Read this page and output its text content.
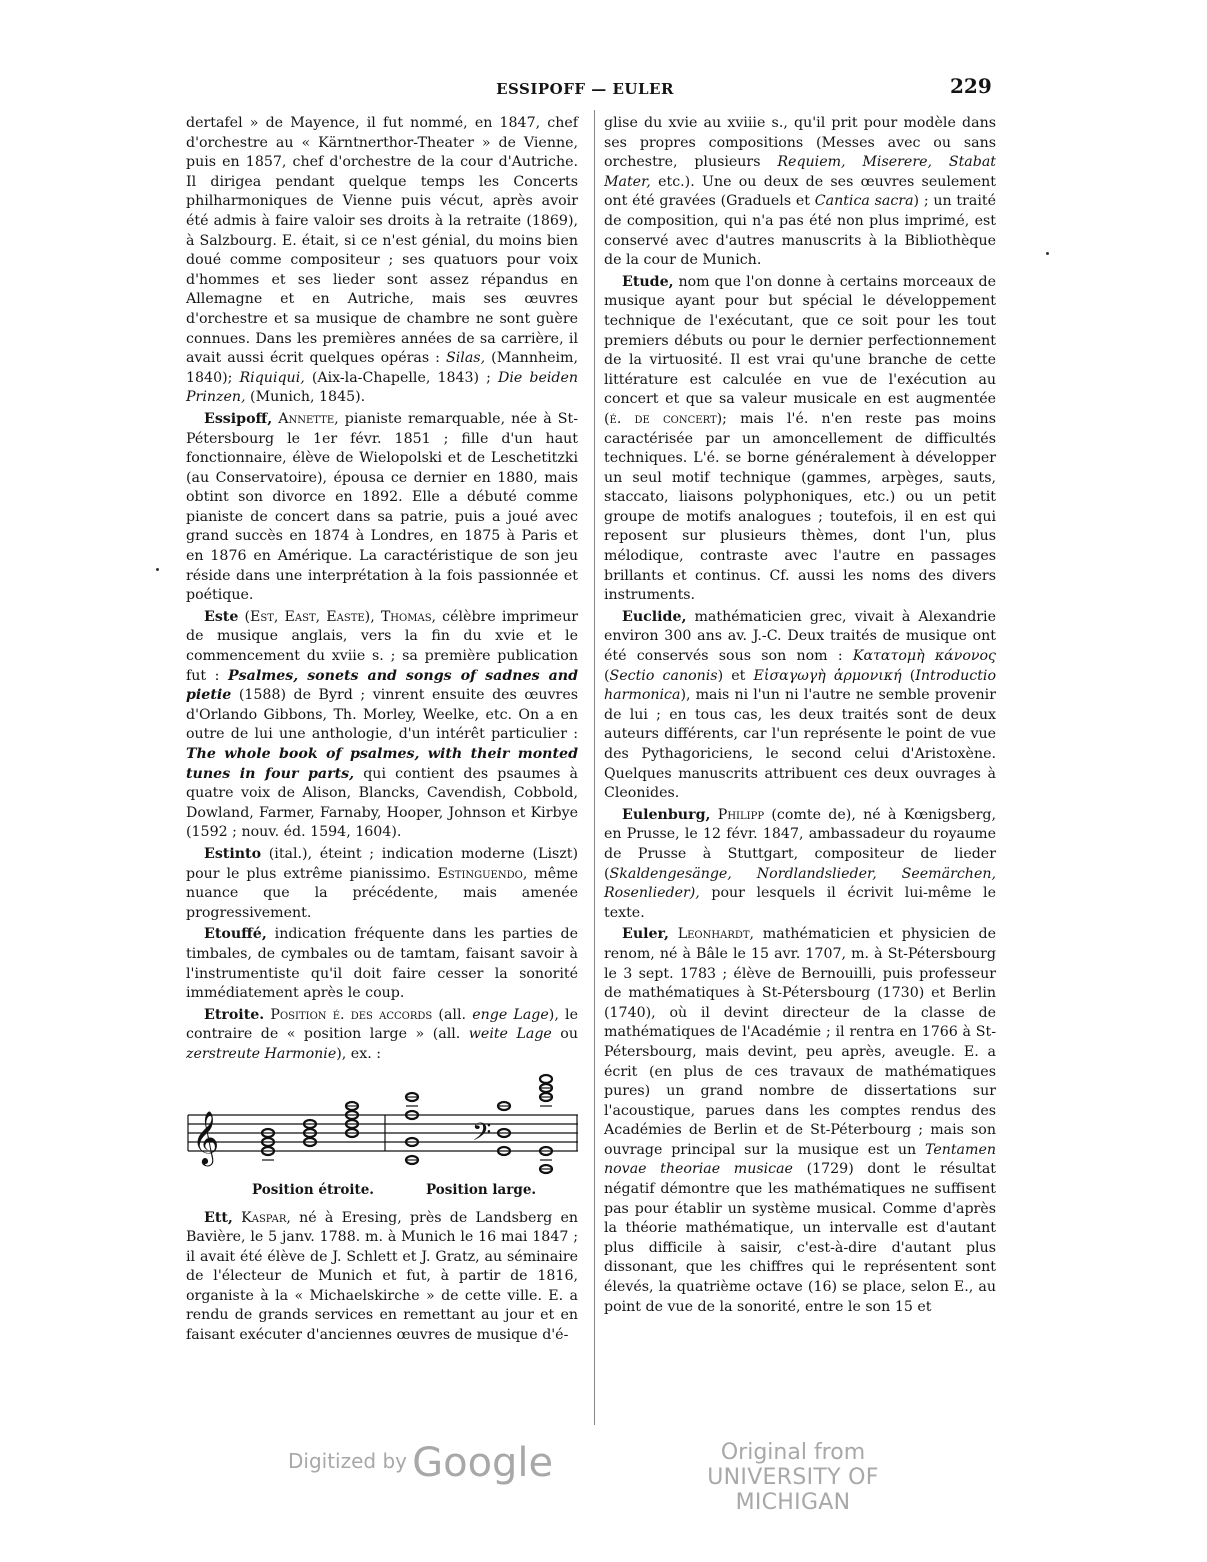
ESSIPOFF — EULER	229

dertafel » de Mayence, il fut nommé, en 1847, chef d'orchestre au « Kärntnerthor-Theater » de Vienne, puis en 1857, chef d'orchestre de la cour d'Autriche. Il dirigea pendant quelque temps les Concerts philharmoniques de Vienne puis vécut, après avoir été admis à faire valoir ses droits à la retraite (1869), à Salzbourg. E. était, si ce n'est génial, du moins bien doué comme compositeur ; ses quatuors pour voix d'hommes et ses lieder sont assez répandus en Allemagne et en Autriche, mais ses œuvres d'orchestre et sa musique de chambre ne sont guère connues. Dans les premières années de sa carrière, il avait aussi écrit quelques opéras : Silas, (Mannheim, 1840); Riquiqui, (Aix-la-Chapelle, 1843) ; Die beiden Prinzen, (Munich, 1845).

Essipoff, Annette, pianiste remarquable, née à St-Pétersbourg le 1er févr. 1851 ; fille d'un haut fonctionnaire, élève de Wielopolski et de Leschetitzki (au Conservatoire), épousa ce dernier en 1880, mais obtint son divorce en 1892. Elle a débuté comme pianiste de concert dans sa patrie, puis a joué avec grand succès en 1874 à Londres, en 1875 à Paris et en 1876 en Amérique. La caractéristique de son jeu réside dans une interprétation à la fois passionnée et poétique.

Este (Est, East, Easte), Thomas, célèbre imprimeur de musique anglais, vers la fin du xvie et le commencement du xviie s. ; sa première publication fut : Psalmes, sonets and songs of sadnes and pietie (1588) de Byrd ; vinrent ensuite des œuvres d'Orlando Gibbons, Th. Morley, Weelke, etc. On a en outre de lui une anthologie, d'un intérêt particulier : The whole book of psalmes, with their monted tunes in four parts, qui contient des psaumes à quatre voix de Alison, Blancks, Cavendish, Cobbold, Dowland, Farmer, Farnaby, Hooper, Johnson et Kirbye (1592 ; nouv. éd. 1594, 1604).

Estinto (ital.), éteint ; indication moderne (Liszt) pour le plus extrême pianissimo. Estinguendo, même nuance que la précédente, mais amenée progressivement.

Etouffé, indication fréquente dans les parties de timbales, de cymbales ou de tamtam, faisant savoir à l'instrumentiste qu'il doit faire cesser la sonorité immédiatement après le coup.

Etroite. Position é. des accords (all. enge Lage), le contraire de « position large » (all. weite Lage ou zerstreute Harmonie), ex. :

𝄞	𝄢
Position étroite.	Position large.

Ett, Kaspar, né à Eresing, près de Landsberg en Bavière, le 5 janv. 1788. m. à Munich le 16 mai 1847 ; il avait été élève de J. Schlett et J. Gratz, au séminaire de l'électeur de Munich et fut, à partir de 1816, organiste à la « Michaelskirche » de cette ville. E. a rendu de grands services en remettant au jour et en faisant exécuter d'anciennes œuvres de musique d'é-

glise du xvie au xviiie s., qu'il prit pour modèle dans ses propres compositions (Messes avec ou sans orchestre, plusieurs Requiem, Miserere, Stabat Mater, etc.). Une ou deux de ses œuvres seulement ont été gravées (Graduels et Cantica sacra) ; un traité de composition, qui n'a pas été non plus imprimé, est conservé avec d'autres manuscrits à la Bibliothèque de la cour de Munich.

Etude, nom que l'on donne à certains morceaux de musique ayant pour but spécial le développement technique de l'exécutant, que ce soit pour les tout premiers débuts ou pour le dernier perfectionnement de la virtuosité. Il est vrai qu'une branche de cette littérature est calculée en vue de l'exécution au concert et que sa valeur musicale en est augmentée (é. de concert); mais l'é. n'en reste pas moins caractérisée par un amoncellement de difficultés techniques. L'é. se borne généralement à développer un seul motif technique (gammes, arpèges, sauts, staccato, liaisons polyphoniques, etc.) ou un petit groupe de motifs analogues ; toutefois, il en est qui reposent sur plusieurs thèmes, dont l'un, plus mélodique, contraste avec l'autre en passages brillants et continus. Cf. aussi les noms des divers instruments.

Euclide, mathématicien grec, vivait à Alexandrie environ 300 ans av. J.-C. Deux traités de musique ont été conservés sous son nom : Κατατομὴ κάνονος (Sectio canonis) et Εἰσαγωγὴ ἁρμονική (Introductio harmonica), mais ni l'un ni l'autre ne semble provenir de lui ; en tous cas, les deux traités sont de deux auteurs différents, car l'un représente le point de vue des Pythagoriciens, le second celui d'Aristoxène. Quelques manuscrits attribuent ces deux ouvrages à Cleonides.

Eulenburg, Philipp (comte de), né à Kœnigsberg, en Prusse, le 12 févr. 1847, ambassadeur du royaume de Prusse à Stuttgart, compositeur de lieder (Skaldengesänge, Nordlandslieder, Seemärchen, Rosenlieder), pour lesquels il écrivit lui-même le texte.

Euler, Leonhardt, mathématicien et physicien de renom, né à Bâle le 15 avr. 1707, m. à St-Pétersbourg le 3 sept. 1783 ; élève de Bernouilli, puis professeur de mathématiques à St-Pétersbourg (1730) et Berlin (1740), où il devint directeur de la classe de mathématiques de l'Académie ; il rentra en 1766 à St-Pétersbourg, mais devint, peu après, aveugle. E. a écrit (en plus de ces travaux de mathématiques pures) un grand nombre de dissertations sur l'acoustique, parues dans les comptes rendus des Académies de Berlin et de St-Péterbourg ; mais son ouvrage principal sur la musique est un Tentamen novae theoriae musicae (1729) dont le résultat négatif démontre que les mathématiques ne suffisent pas pour établir un système musical. Comme d'après la théorie mathématique, un intervalle est d'autant plus difficile à saisir, c'est-à-dire d'autant plus dissonant, que les chiffres qui le représentent sont élevés, la quatrième octave (16) se place, selon E., au point de vue de la sonorité, entre le son 15 et

Digitized by Google	Original from
UNIVERSITY OF MICHIGAN
